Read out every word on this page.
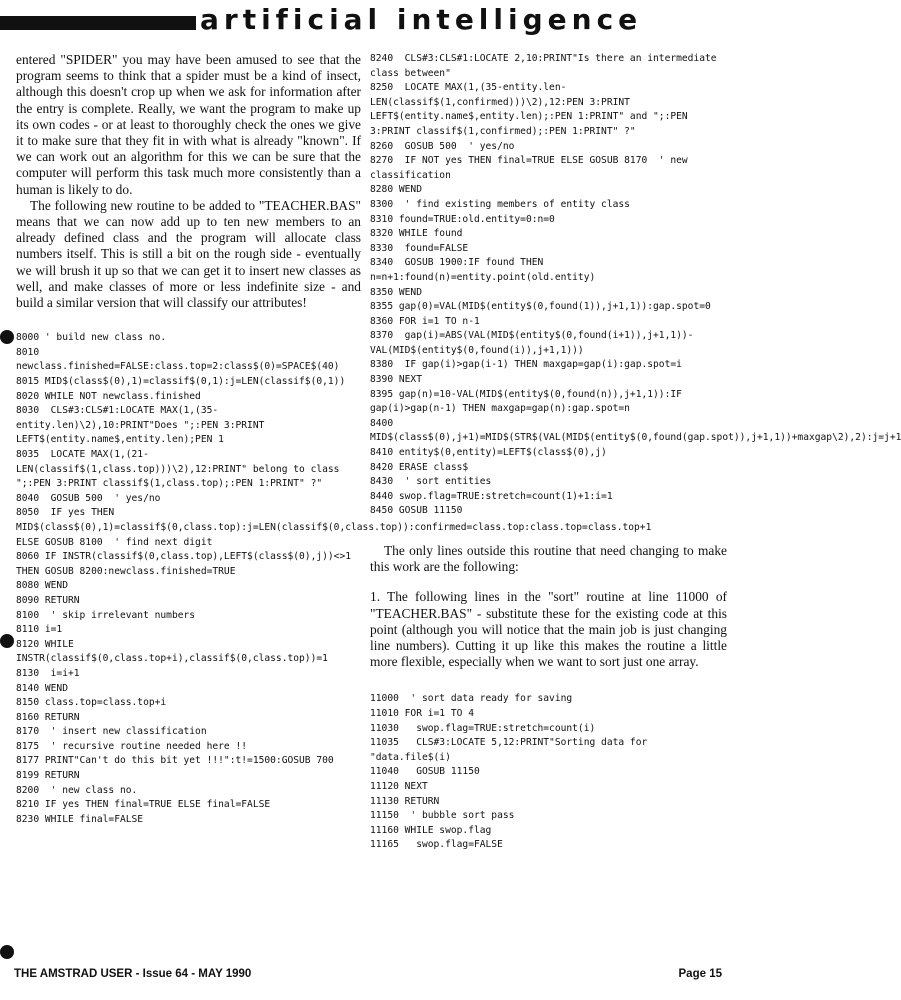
artificial intelligence

entered "SPIDER" you may have been amused to see that the program seems to think that a spider must be a kind of insect, although this doesn't crop up when we ask for information after the entry is complete. Really, we want the program to make up its own codes - or at least to thoroughly check the ones we give it to make sure that they fit in with what is already "known". If we can work out an algorithm for this we can be sure that the computer will perform this task much more consistently than a human is likely to do.

The following new routine to be added to "TEACHER.BAS" means that we can now add up to ten new members to an already defined class and the program will allocate class numbers itself. This is still a bit on the rough side - eventually we will brush it up so that we can get it to insert new classes as well, and make classes of more or less indefinite size - and build a similar version that will classify our attributes!

8000 ' build new class no.
8010 newclass.finished=FALSE:class.top=2:class$(0)=SPACE$(40)
8015 MID$(class$(0),1)=classif$(0,1):j=LEN(classif$(0,1))
8020 WHILE NOT newclass.finished
8030  CLS#3:CLS#1:LOCATE MAX(1,(35-entity.len)\2),10:PRINT"Does ";:PEN 3:PRINT LEFT$(entity.name$,entity.len);PEN 1
8035  LOCATE MAX(1,(21-LEN(classif$(1,class.top)))\2),12:PRINT" belong to class ";:PEN 3:PRINT classif$(1,class.top);:PEN 1:PRINT" ?"
8040  GOSUB 500  ' yes/no
8050  IF yes THEN MID$(class$(0),1)=classif$(0,class.top):j=LEN(classif$(0,class.top)):confirmed=class.top:class.top=class.top+1 ELSE GOSUB 8100  ' find next digit
8060 IF INSTR(classif$(0,class.top),LEFT$(class$(0),j))<>1 THEN GOSUB 8200:newclass.finished=TRUE
8080 WEND
8090 RETURN
8100  ' skip irrelevant numbers
8110 i=1
8120 WHILE INSTR(classif$(0,class.top+i),classif$(0,class.top))=1
8130  i=i+1
8140 WEND
8150 class.top=class.top+i
8160 RETURN
8170  ' insert new classification
8175  ' recursive routine needed here !!
8177 PRINT"Can't do this bit yet !!!":t!=1500:GOSUB 700
8199 RETURN
8200  ' new class no.
8210 IF yes THEN final=TRUE ELSE final=FALSE
8230 WHILE final=FALSE
8240  CLS#3:CLS#1:LOCATE 2,10:PRINT"Is there an intermediate class between"
8250  LOCATE MAX(1,(35-entity.len-LEN(classif$(1,confirmed)))\2),12:PEN 3:PRINT LEFT$(entity.name$,entity.len);:PEN 1:PRINT" and ";:PEN 3:PRINT classif$(1,confirmed);:PEN 1:PRINT" ?"
8260  GOSUB 500  ' yes/no
8270  IF NOT yes THEN final=TRUE ELSE GOSUB 8170  ' new classification
8280 WEND
8300  ' find existing members of entity class
8310 found=TRUE:old.entity=0:n=0
8320 WHILE found
8330  found=FALSE
8340  GOSUB 1900:IF found THEN n=n+1:found(n)=entity.point(old.entity)
8350 WEND
8355 gap(0)=VAL(MID$(entity$(0,found(1)),j+1,1)):gap.spot=0
8360 FOR i=1 TO n-1
8370  gap(i)=ABS(VAL(MID$(entity$(0,found(i+1)),j+1,1))-VAL(MID$(entity$(0,found(i)),j+1,1)))
8380  IF gap(i)>gap(i-1) THEN maxgap=gap(i):gap.spot=i
8390 NEXT
8395 gap(n)=10-VAL(MID$(entity$(0,found(n)),j+1,1)):IF gap(i)>gap(n-1) THEN maxgap=gap(n):gap.spot=n
8400 MID$(class$(0),j+1)=MID$(STR$(VAL(MID$(entity$(0,found(gap.spot)),j+1,1))+maxgap\2),2):j=j+1
8410 entity$(0,entity)=LEFT$(class$(0),j)
8420 ERASE class$
8430  ' sort entities
8440 swop.flag=TRUE:stretch=count(1)+1:i=1
8450 GOSUB 11150

The only lines outside this routine that need changing to make this work are the following:

1. The following lines in the "sort" routine at line 11000 of "TEACHER.BAS" - substitute these for the existing code at this point (although you will notice that the main job is just changing line numbers). Cutting it up like this makes the routine a little more flexible, especially when we want to sort just one array.

11000  ' sort data ready for saving
11010 FOR i=1 TO 4
11030   swop.flag=TRUE:stretch=count(i)
11035   CLS#3:LOCATE 5,12:PRINT"Sorting data for "data.file$(i)
11040   GOSUB 11150
11120 NEXT
11130 RETURN
11150  ' bubble sort pass
11160 WHILE swop.flag
11165   swop.flag=FALSE
THE AMSTRAD USER - Issue 64 - MAY 1990	Page 15
